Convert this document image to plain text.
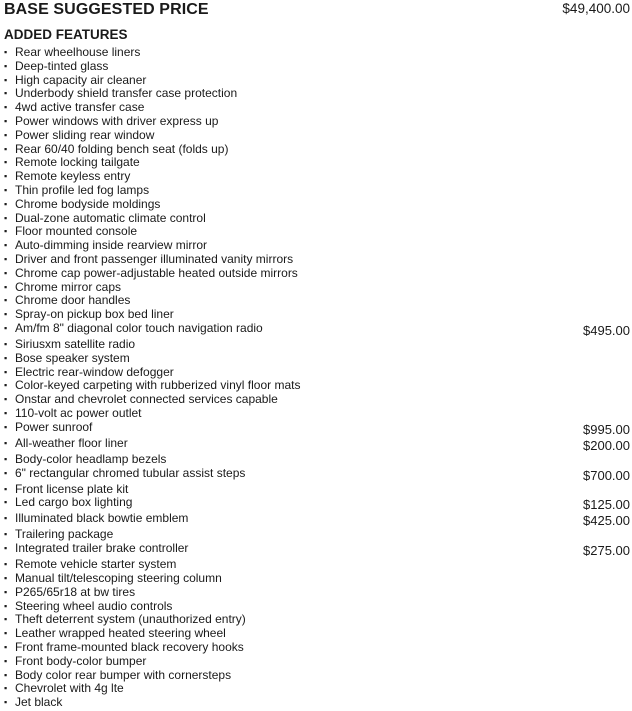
BASE SUGGESTED PRICE	$49,400.00
ADDED FEATURES
▪ Rear wheelhouse liners
▪ Deep-tinted glass
▪ High capacity air cleaner
▪ Underbody shield transfer case protection
▪ 4wd active transfer case
▪ Power windows with driver express up
▪ Power sliding rear window
▪ Rear 60/40 folding bench seat (folds up)
▪ Remote locking tailgate
▪ Remote keyless entry
▪ Thin profile led fog lamps
▪ Chrome bodyside moldings
▪ Dual-zone automatic climate control
▪ Floor mounted console
▪ Auto-dimming inside rearview mirror
▪ Driver and front passenger illuminated vanity mirrors
▪ Chrome cap power-adjustable heated outside mirrors
▪ Chrome mirror caps
▪ Chrome door handles
▪ Spray-on pickup box bed liner
▪ Am/fm 8" diagonal color touch navigation radio	$495.00
▪ Siriusxm satellite radio
▪ Bose speaker system
▪ Electric rear-window defogger
▪ Color-keyed carpeting with rubberized vinyl floor mats
▪ Onstar and chevrolet connected services capable
▪ 110-volt ac power outlet
▪ Power sunroof	$995.00
▪ All-weather floor liner	$200.00
▪ Body-color headlamp bezels
▪ 6" rectangular chromed tubular assist steps	$700.00
▪ Front license plate kit
▪ Led cargo box lighting	$125.00
▪ Illuminated black bowtie emblem	$425.00
▪ Trailering package
▪ Integrated trailer brake controller	$275.00
▪ Remote vehicle starter system
▪ Manual tilt/telescoping steering column
▪ P265/65r18 at bw tires
▪ Steering wheel audio controls
▪ Theft deterrent system (unauthorized entry)
▪ Leather wrapped heated steering wheel
▪ Front frame-mounted black recovery hooks
▪ Front body-color bumper
▪ Body color rear bumper with cornersteps
▪ Chevrolet with 4g lte
▪ Jet black
